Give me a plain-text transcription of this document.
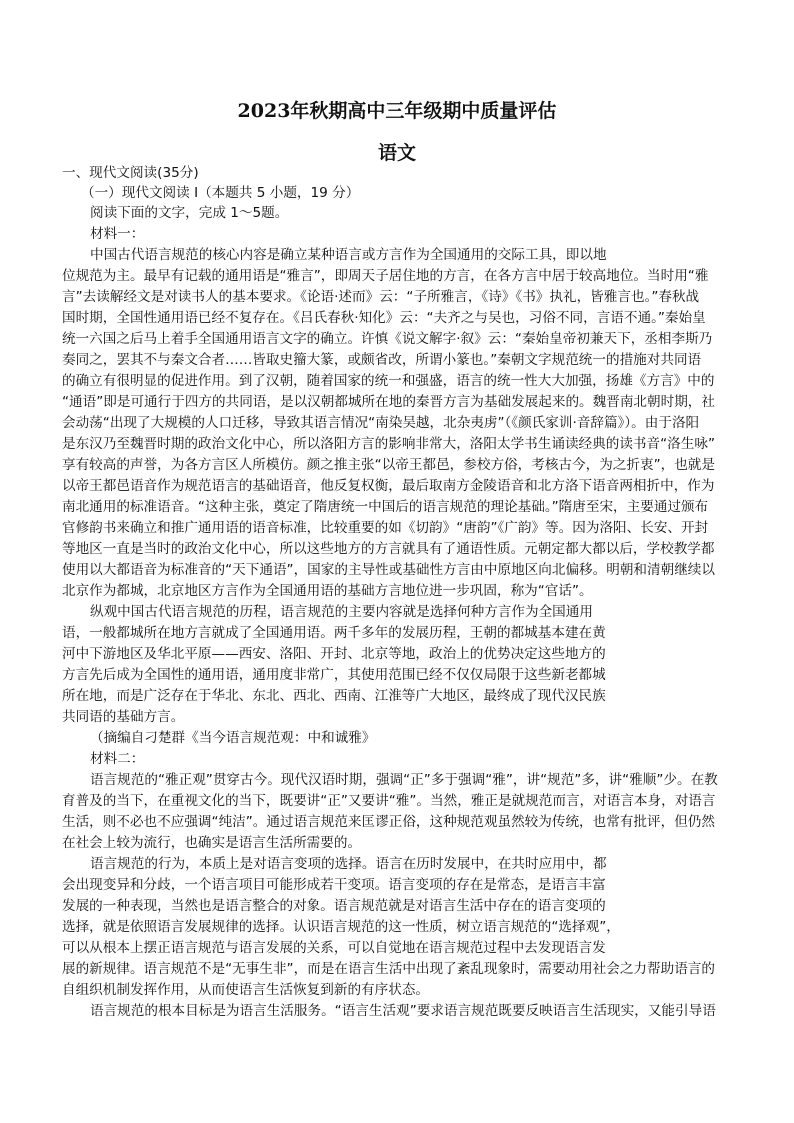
2023年秋期高中三年级期中质量评估
语文
一、现代文阅读(35分)
（一）现代文阅读 I（本题共 5 小题，19 分）
阅读下面的文字，完成 1～5题。
材料一：
中国古代语言规范的核心内容是确立某种语言或方言作为全国通用的交际工具，即以地
位规范为主。最早有记载的通用语是“雅言”，即周天子居住地的方言，在各方言中居于较高地位。当时用“雅
言”去读解经文是对读书人的基本要求。《论语·述而》云：“子所雅言，《诗》《书》执礼，皆雅言也。”春秋战
国时期，全国性通用语已经不复存在。《吕氏春秋·知化》云：“夫齐之与吴也，习俗不同，言语不通。”秦始皇
统一六国之后马上着手全国通用语言文字的确立。许慎《说文解字·叙》云：“秦始皇帝初兼天下，丞相李斯乃
奏同之，罢其不与秦文合者……皆取史籀大篆，或颇省改，所谓小篆也。”秦朝文字规范统一的措施对共同语
的确立有很明显的促进作用。到了汉朝，随着国家的统一和强盛，语言的统一性大大加强，扬雄《方言》中的
“通语”即是可通行于四方的共同语，是以汉朝都城所在地的秦晋方言为基础发展起来的。魏晋南北朝时期，社
会动荡“出现了大规模的人口迁移，导致其语言情况“南染吴越，北杂夷虏”（《颜氏家训·音辞篇》）。由于洛阳
是东汉乃至魏晋时期的政治文化中心，所以洛阳方言的影响非常大，洛阳太学书生诵读经典的读书音“洛生咏”
享有较高的声誉，为各方言区人所模仿。颜之推主张“以帝王都邑，参校方俗，考核古今，为之折衷”，也就是
以帝王都邑语音作为规范语言的基础语音，他反复权衡，最后取南方金陵语音和北方洛下语音两相折中，作为
南北通用的标准语音。“这种主张，奠定了隋唐统一中国后的语言规范的理论基础。”隋唐至宋，主要通过颁布
官修韵书来确立和推广通用语的语音标准，比较重要的如《切韵》“唐韵”《广韵》等。因为洛阳、长安、开封
等地区一直是当时的政治文化中心，所以这些地方的方言就具有了通语性质。元朝定都大都以后，学校教学都
使用以大都语音为标准音的“天下通语”，国家的主导性或基础性方言由中原地区向北偏移。明朝和清朝继续以
北京作为都城，北京地区方言作为全国通用语的基础方言地位进一步巩固，称为“官话”。
纵观中国古代语言规范的历程，语言规范的主要内容就是选择何种方言作为全国通用
语，一般都城所在地方言就成了全国通用语。两千多年的发展历程，王朝的都城基本建在黄
河中下游地区及华北平原——西安、洛阳、开封、北京等地，政治上的优势决定这些地方的
方言先后成为全国性的通用语，通用度非常广，其使用范围已经不仅仅局限于这些新老都城
所在地，而是广泛存在于华北、东北、西北、西南、江淮等广大地区，最终成了现代汉民族
共同语的基础方言。
（摘编自刁楚群《当今语言规范观：中和诚雅》
材料二：
语言规范的“雅正观”贯穿古今。现代汉语时期，强调“正”多于强调“雅”，讲“规范”多，讲“雅顺”少。在教
育普及的当下，在重视文化的当下，既要讲“正”又要讲“雅”。当然，雅正是就规范而言，对语言本身，对语言
生活，则不必也不应强调“纯洁”。通过语言规范来匡谬正俗，这种规范观虽然较为传统，也常有批评，但仍然
在社会上较为流行，也确实是语言生活所需要的。
语言规范的行为，本质上是对语言变项的选择。语言在历时发展中，在共时应用中，都
会出现变异和分歧，一个语言项目可能形成若干变项。语言变项的存在是常态，是语言丰富
发展的一种表现，当然也是语言整合的对象。语言规范就是对语言生活中存在的语言变项的
选择，就是依照语言发展规律的选择。认识语言规范的这一性质，树立语言规范的“选择观”，
可以从根本上摆正语言规范与语言发展的关系，可以自觉地在语言规范过程中去发现语言发
展的新规律。语言规范不是“无事生非”，而是在语言生活中出现了紊乱现象时，需要动用社会之力帮助语言的
自组织机制发挥作用，从而使语言生活恢复到新的有序状态。
语言规范的根本目标是为语言生活服务。“语言生活观”要求语言规范既要反映语言生活现实，又能引导语
